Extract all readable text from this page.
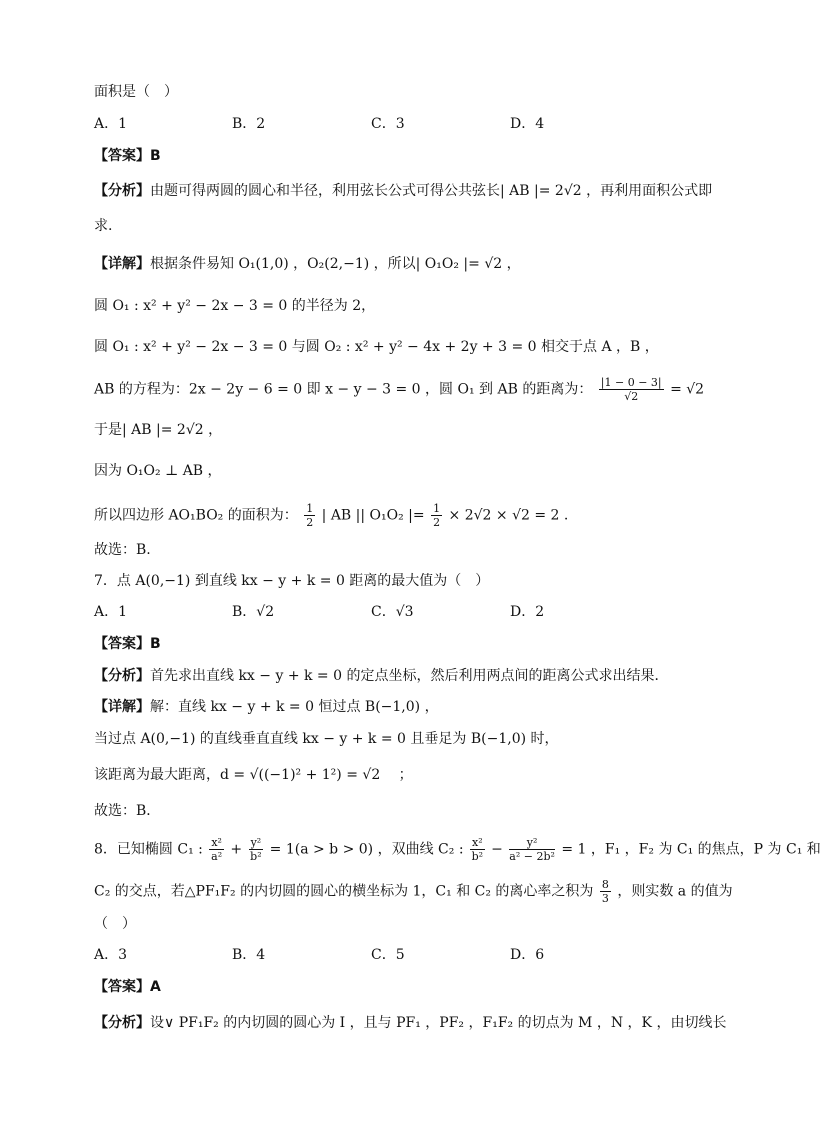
面积是（　）
A．1	B．2	C．3	D．4
【答案】B
【分析】由题可得两圆的圆心和半径，利用弦长公式可得公共弦长| AB |= 2√2 ，再利用面积公式即
求.
【详解】根据条件易知 O₁(1,0) ，O₂(2,−1) ，所以| O₁O₂ |= √2 ，
圆 O₁ : x² + y² − 2x − 3 = 0 的半径为 2，
圆 O₁ : x² + y² − 2x − 3 = 0 与圆 O₂ : x² + y² − 4x + 2y + 3 = 0 相交于点 A ，B ，
AB 的方程为：2x − 2y − 6 = 0 即 x − y − 3 = 0 ，圆 O₁ 到 AB 的距离为： $\frac{|1 - 0 - 3|}{√2} = √2$
于是| AB |= 2√2 ，
因为 O₁O₂ ⊥ AB ，
所以四边形 AO₁BO₂ 的面积为： $\frac{1}{2}$ | AB || O₁O₂ |= $\frac{1}{2} \times 2√2 \times √2 = 2$ .
故选：B.
7．点 A(0,−1) 到直线 kx − y + k = 0 距离的最大值为（　）
A．1	B．√2	C．√3	D．2
【答案】B
【分析】首先求出直线 kx − y + k = 0 的定点坐标，然后利用两点间的距离公式求出结果．
【详解】解：直线 kx − y + k = 0 恒过点 B(−1,0) ，
当过点 A(0,−1) 的直线垂直直线 kx − y + k = 0 且垂足为 B(−1,0) 时，
该距离为最大距离，d = √((−1)² + 1²) = √2 　；
故选：B．
8．已知椭圆 C₁ : $\frac{\text{x²}}{\text{a²}} + \frac{\text{y²}}{\text{b²}} = 1(a > b > 0)$ ，双曲线 C₂ : $\frac{\text{x²}}{\text{b²}} - \frac{\text{y²}}{\text{a² − 2b²}} = 1$ ，F₁ ，F₂ 为 C₁ 的焦点，P 为 C₁ 和
C₂ 的交点，若△PF₁F₂ 的内切圆的圆心的横坐标为 1，C₁ 和 C₂ 的离心率之积为 $\frac{8}{3}$ ，则实数 a 的值为
（　）
A．3	B．4	C．5	D．6
【答案】A
【分析】设∨ PF₁F₂ 的内切圆的圆心为 I ，且与 PF₁ ，PF₂ ，F₁F₂ 的切点为 M ，N ，K ，由切线长
